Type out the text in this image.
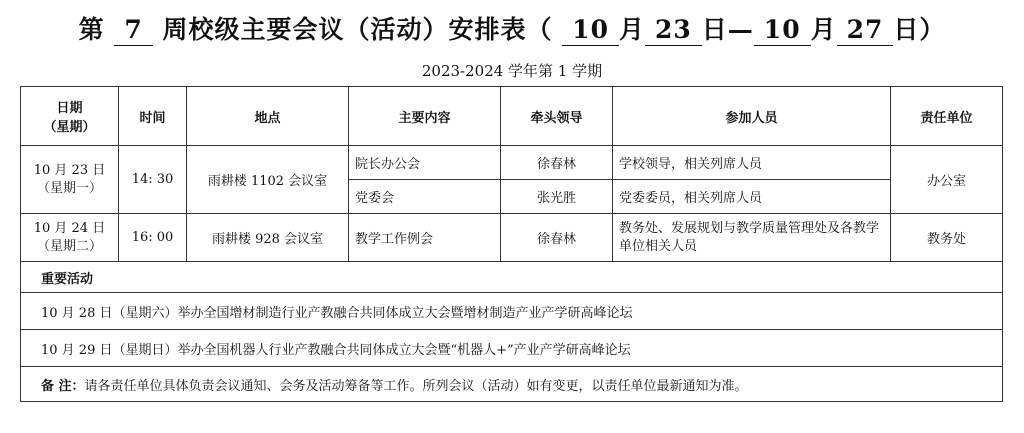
第 7 周校级主要会议（活动）安排表（ 10 月 23 日— 10 月 27 日）
2023-2024 学年第 1 学期
日期
（星期）	时间	地点	主要内容	牵头领导	参加人员	责任单位

10 月 23 日
（星期一）	14: 30	雨耕楼 1102 会议室	院长办公会	徐春林	学校领导，相关列席人员	办公室
			党委会	张光胜	党委委员，相关列席人员	

10 月 24 日
（星期二）	16: 00	雨耕楼 928 会议室	教学工作例会	徐春林	教务处、发展规划与教学质量管理处及各教学单位相关人员	教务处
重要活动						
10 月 28 日（星期六）举办全国增材制造行业产教融合共同体成立大会暨增材制造产业产学研高峰论坛						
10 月 29 日（星期日）举办全国机器人行业产教融合共同体成立大会暨“机器人+”产业产学研高峰论坛						
备 注：请各责任单位具体负责会议通知、会务及活动筹备等工作。所列会议（活动）如有变更，以责任单位最新通知为准。						
